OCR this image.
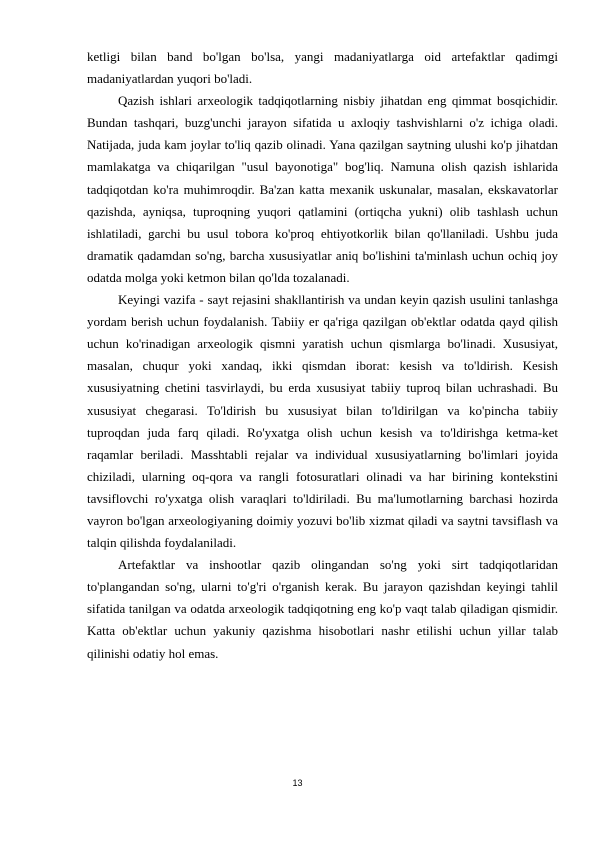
ketligi bilan band bo'lgan bo'lsa, yangi madaniyatlarga oid artefaktlar qadimgi madaniyatlardan yuqori bo'ladi.

Qazish ishlari arxeologik tadqiqotlarning nisbiy jihatdan eng qimmat bosqichidir. Bundan tashqari, buzg'unchi jarayon sifatida u axloqiy tashvishlarni o'z ichiga oladi. Natijada, juda kam joylar to'liq qazib olinadi. Yana qazilgan saytning ulushi ko'p jihatdan mamlakatga va chiqarilgan "usul bayonotiga" bog'liq. Namuna olish qazish ishlarida tadqiqotdan ko'ra muhimroqdir. Ba'zan katta mexanik uskunalar, masalan, ekskavatorlar qazishda, ayniqsa, tuproqning yuqori qatlamini (ortiqcha yukni) olib tashlash uchun ishlatiladi, garchi bu usul tobora ko'proq ehtiyotkorlik bilan qo'llaniladi. Ushbu juda dramatik qadamdan so'ng, barcha xususiyatlar aniq bo'lishini ta'minlash uchun ochiq joy odatda molga yoki ketmon bilan qo'lda tozalanadi.

Keyingi vazifa - sayt rejasini shakllantirish va undan keyin qazish usulini tanlashga yordam berish uchun foydalanish. Tabiiy er qa'riga qazilgan ob'ektlar odatda qayd qilish uchun ko'rinadigan arxeologik qismni yaratish uchun qismlarga bo'linadi. Xususiyat, masalan, chuqur yoki xandaq, ikki qismdan iborat: kesish va to'ldirish. Kesish xususiyatning chetini tasvirlaydi, bu erda xususiyat tabiiy tuproq bilan uchrashadi. Bu xususiyat chegarasi. To'ldirish bu xususiyat bilan to'ldirilgan va ko'pincha tabiiy tuproqdan juda farq qiladi. Ro'yxatga olish uchun kesish va to'ldirishga ketma-ket raqamlar beriladi. Masshtabli rejalar va individual xususiyatlarning bo'limlari joyida chiziladi, ularning oq-qora va rangli fotosuratlari olinadi va har birining kontekstini tavsiflovchi ro'yxatga olish varaqlari to'ldiriladi. Bu ma'lumotlarning barchasi hozirda vayron bo'lgan arxeologiyaning doimiy yozuvi bo'lib xizmat qiladi va saytni tavsiflash va talqin qilishda foydalaniladi.

Artefaktlar va inshootlar qazib olingandan so'ng yoki sirt tadqiqotlaridan to'plangandan so'ng, ularni to'g'ri o'rganish kerak. Bu jarayon qazishdan keyingi tahlil sifatida tanilgan va odatda arxeologik tadqiqotning eng ko'p vaqt talab qiladigan qismidir. Katta ob'ektlar uchun yakuniy qazishma hisobotlari nashr etilishi uchun yillar talab qilinishi odatiy hol emas.

13
